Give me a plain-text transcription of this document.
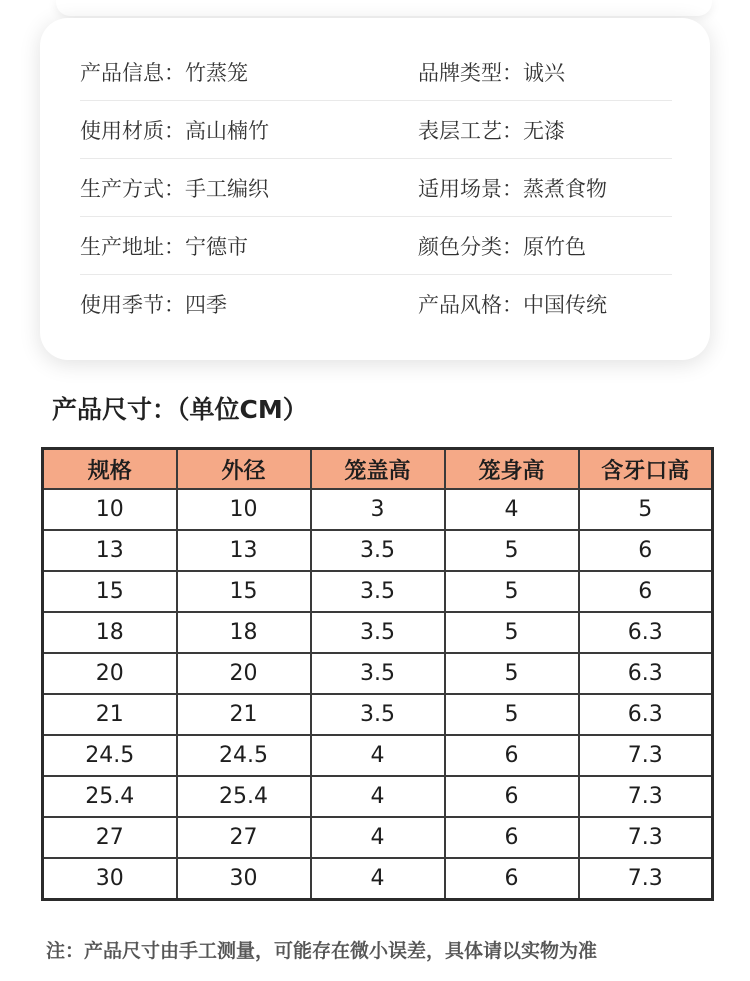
产品信息： 竹蒸笼	品牌类型： 诚兴
使用材质： 高山楠竹	表层工艺： 无漆
生产方式： 手工编织	适用场景： 蒸煮食物
生产地址： 宁德市	颜色分类： 原竹色
使用季节： 四季	产品风格： 中国传统
产品尺寸：（单位CM）
规格	外径	笼盖高	笼身高	含牙口高
10	10	3	4	5
13	13	3.5	5	6
15	15	3.5	5	6
18	18	3.5	5	6.3
20	20	3.5	5	6.3
21	21	3.5	5	6.3
24.5	24.5	4	6	7.3
25.4	25.4	4	6	7.3
27	27	4	6	7.3
30	30	4	6	7.3
注：产品尺寸由手工测量，可能存在微小误差，具体请以实物为准
